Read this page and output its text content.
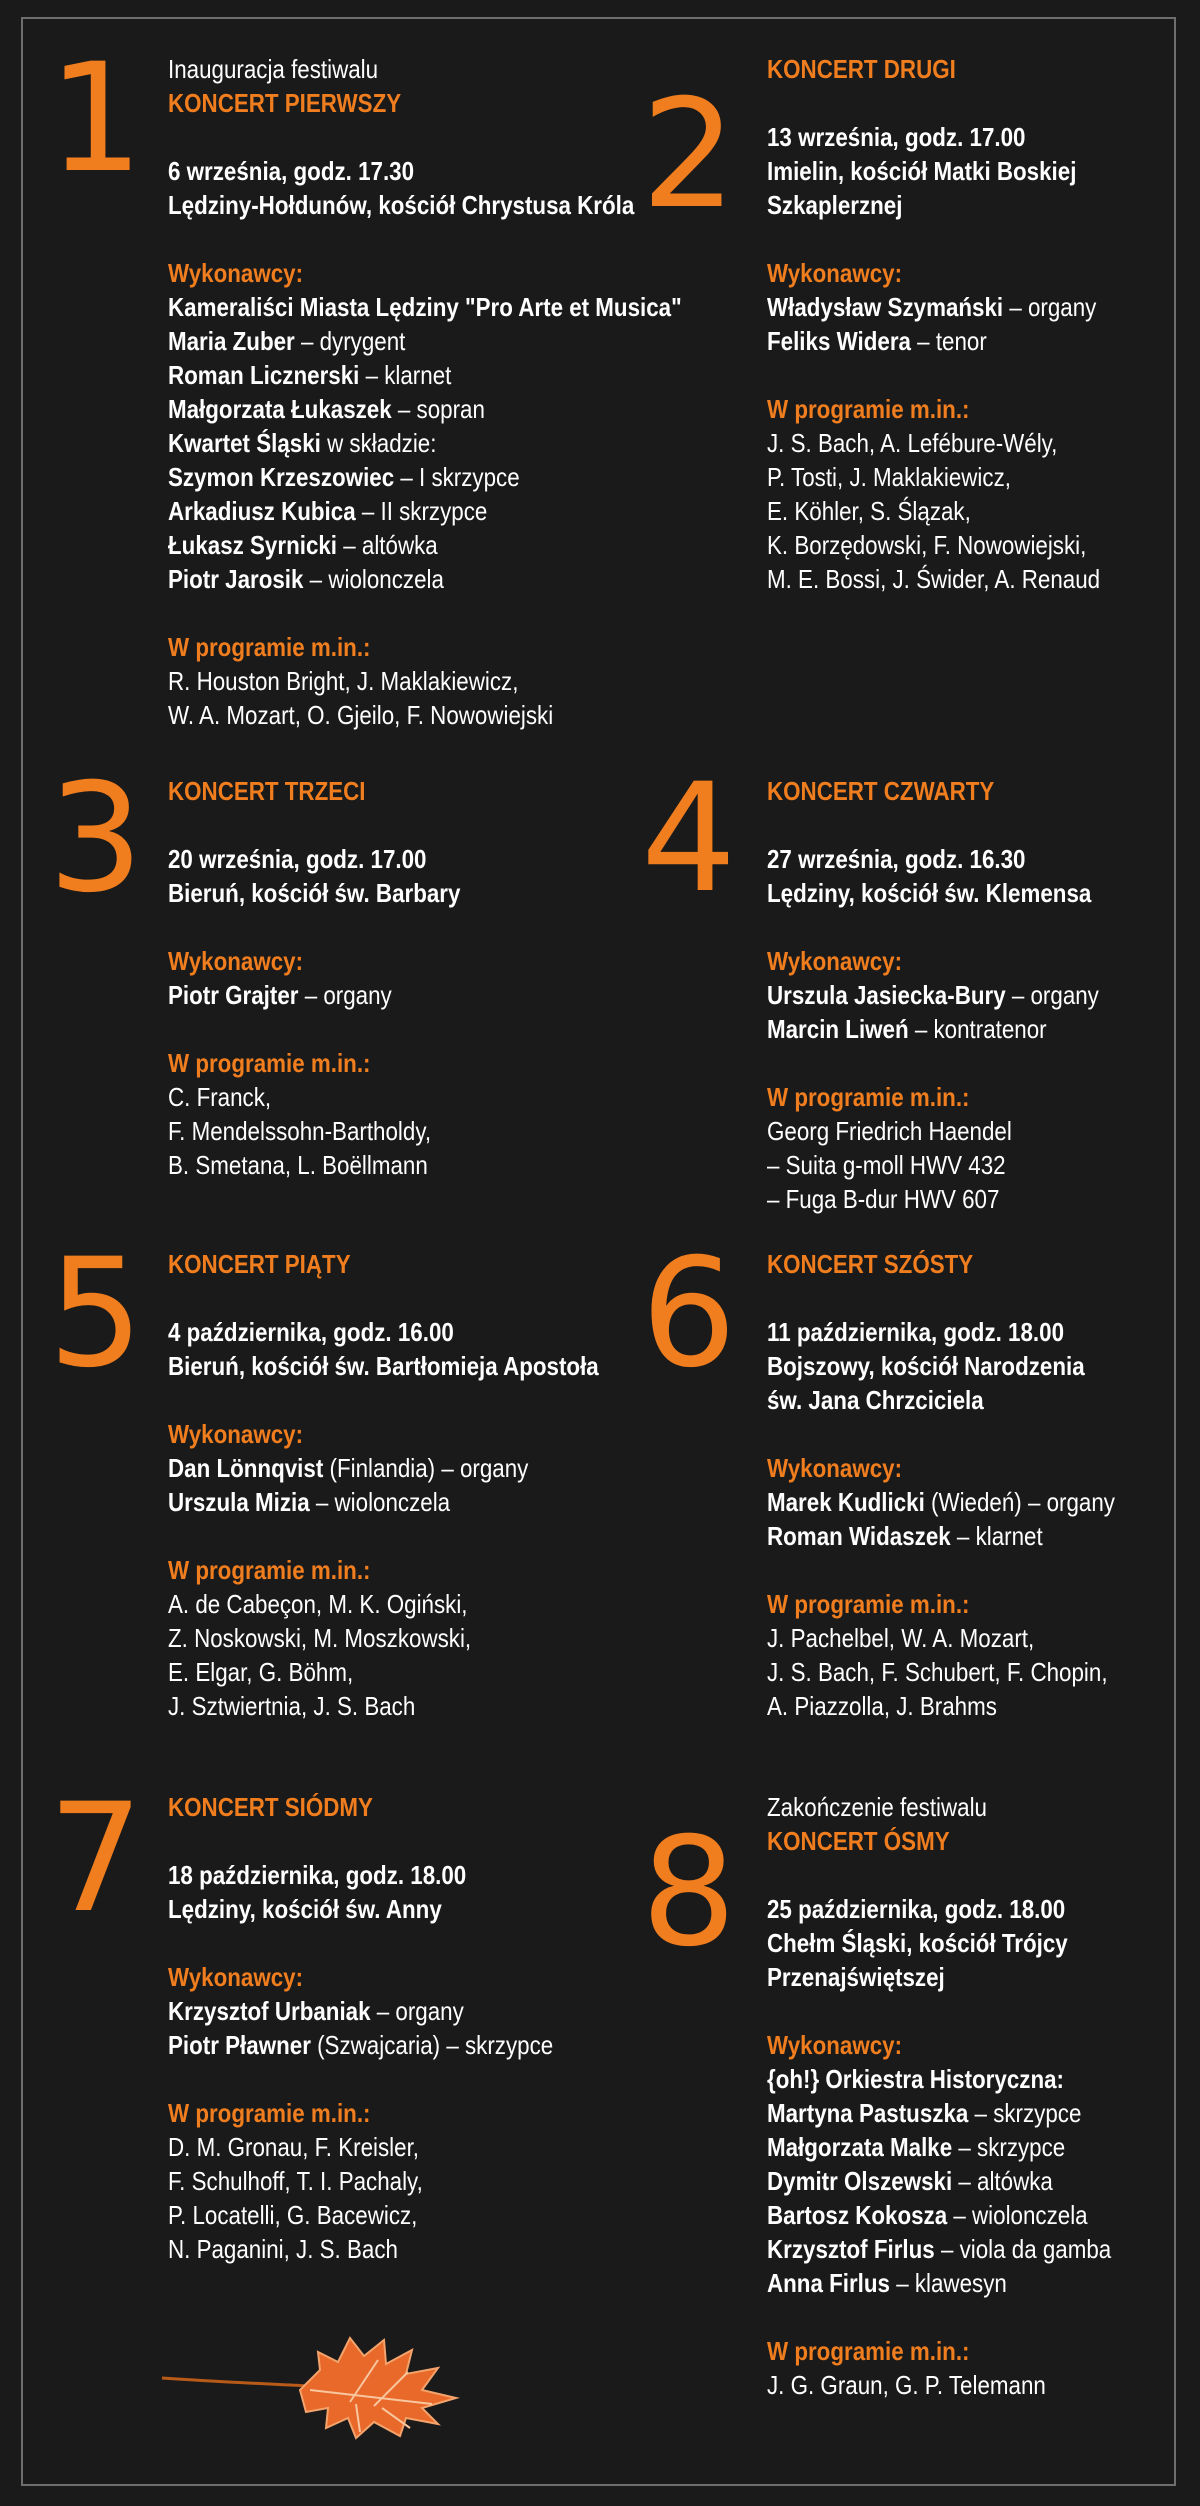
1 Inauguracja festiwalu
KONCERT PIERWSZY
6 września, godz. 17.30
Lędziny-Hołdunów, kościół Chrystusa Króla
Wykonawcy:
Kameraliści Miasta Lędziny "Pro Arte et Musica"
Maria Zuber – dyrygent
Roman Licznerski – klarnet
Małgorzata Łukaszek – sopran
Kwartet Śląski w składzie:
Szymon Krzeszowiec – I skrzypce
Arkadiusz Kubica – II skrzypce
Łukasz Syrnicki – altówka
Piotr Jarosik – wiolonczela
W programie m.in.:
R. Houston Bright, J. Maklakiewicz,
W. A. Mozart, O. Gjeilo, F. Nowowiejski
2 KONCERT DRUGI
13 września, godz. 17.00
Imielin, kościół Matki Boskiej
Szkaplerznej
Wykonawcy:
Władysław Szymański – organy
Feliks Widera – tenor
W programie m.in.:
J. S. Bach, A. Lefébure-Wély,
P. Tosti, J. Maklakiewicz,
E. Köhler, S. Ślązak,
K. Borzędowski, F. Nowowiejski,
M. E. Bossi, J. Świder, A. Renaud
3 KONCERT TRZECI
20 września, godz. 17.00
Bieruń, kościół św. Barbary
Wykonawcy:
Piotr Grajter – organy
W programie m.in.:
C. Franck,
F. Mendelssohn-Bartholdy,
B. Smetana, L. Boëllmann
4 KONCERT CZWARTY
27 września, godz. 16.30
Lędziny, kościół św. Klemensa
Wykonawcy:
Urszula Jasiecka-Bury – organy
Marcin Liweń – kontratenor
W programie m.in.:
Georg Friedrich Haendel
– Suita g-moll HWV 432
– Fuga B-dur HWV 607
5 KONCERT PIĄTY
4 października, godz. 16.00
Bieruń, kościół św. Bartłomieja Apostoła
Wykonawcy:
Dan Lönnqvist (Finlandia) – organy
Urszula Mizia – wiolonczela
W programie m.in.:
A. de Cabeçon, M. K. Ogiński,
Z. Noskowski, M. Moszkowski,
E. Elgar, G. Böhm,
J. Sztwiertnia, J. S. Bach
6 KONCERT SZÓSTY
11 października, godz. 18.00
Bojszowy, kościół Narodzenia
św. Jana Chrzciciela
Wykonawcy:
Marek Kudlicki (Wiedeń) – organy
Roman Widaszek – klarnet
W programie m.in.:
J. Pachelbel, W. A. Mozart,
J. S. Bach, F. Schubert, F. Chopin,
A. Piazzolla, J. Brahms
7 KONCERT SIÓDMY
18 października, godz. 18.00
Lędziny, kościół św. Anny
Wykonawcy:
Krzysztof Urbaniak – organy
Piotr Pławner (Szwajcaria) – skrzypce
W programie m.in.:
D. M. Gronau, F. Kreisler,
F. Schulhoff, T. I. Pachaly,
P. Locatelli, G. Bacewicz,
N. Paganini, J. S. Bach
8 Zakończenie festiwalu
KONCERT ÓSMY
25 października, godz. 18.00
Chełm Śląski, kościół Trójcy
Przenajświętszej
Wykonawcy:
{oh!} Orkiestra Historyczna:
Martyna Pastuszka – skrzypce
Małgorzata Malke – skrzypce
Dymitr Olszewski – altówka
Bartosz Kokosza – wiolonczela
Krzysztof Firlus – viola da gamba
Anna Firlus – klawesyn
W programie m.in.:
J. G. Graun, G. P. Telemann
